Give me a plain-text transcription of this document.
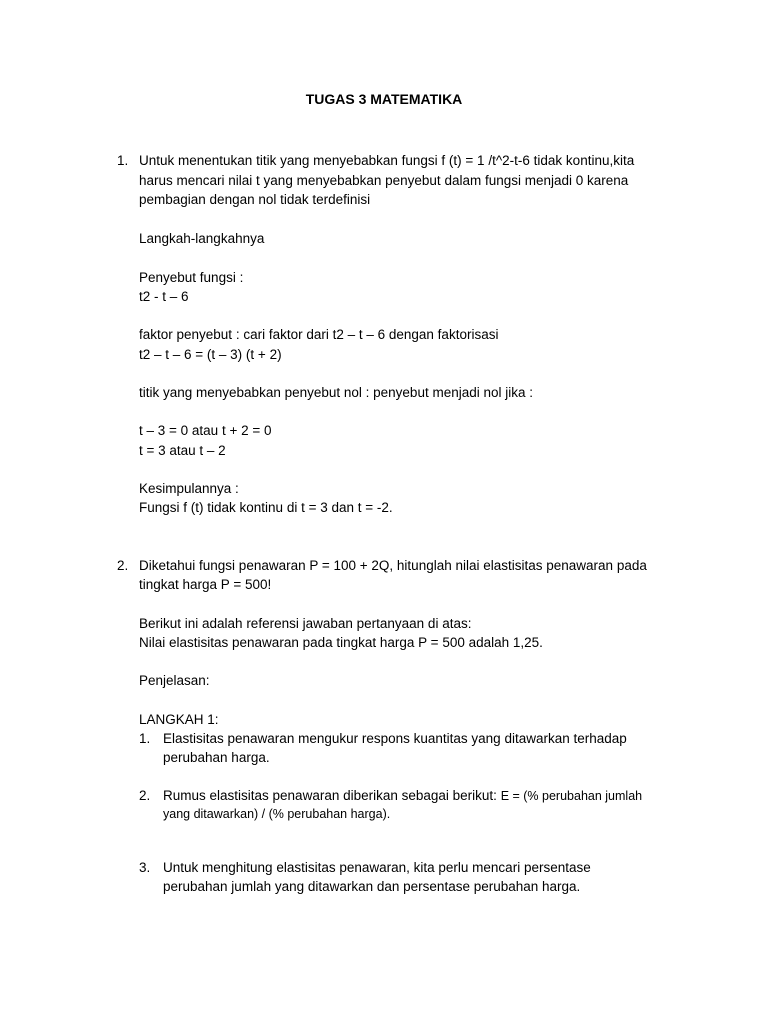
TUGAS 3 MATEMATIKA
1. Untuk menentukan titik yang menyebabkan fungsi f (t) = 1 /t^2-t-6 tidak kontinu,kita
harus mencari nilai t yang menyebabkan penyebut dalam fungsi menjadi 0 karena
pembagian dengan nol tidak terdefinisi
Langkah-langkahnya
Penyebut fungsi :
t2 - t – 6
faktor penyebut : cari faktor dari t2 – t – 6 dengan faktorisasi
t2 – t – 6 = (t – 3) (t + 2)
titik yang menyebabkan penyebut nol : penyebut menjadi nol jika :
t – 3 = 0 atau t + 2 = 0
t = 3 atau t – 2
Kesimpulannya :
Fungsi f (t) tidak kontinu di t = 3 dan t = -2.
2. Diketahui fungsi penawaran P = 100 + 2Q, hitunglah nilai elastisitas penawaran pada
tingkat harga P = 500!
Berikut ini adalah referensi jawaban pertanyaan di atas:
Nilai elastisitas penawaran pada tingkat harga P = 500 adalah 1,25.
Penjelasan:
LANGKAH 1:
1. Elastisitas penawaran mengukur respons kuantitas yang ditawarkan terhadap
perubahan harga.
2. Rumus elastisitas penawaran diberikan sebagai berikut: E = (% perubahan jumlah
yang ditawarkan) / (% perubahan harga).
3. Untuk menghitung elastisitas penawaran, kita perlu mencari persentase
perubahan jumlah yang ditawarkan dan persentase perubahan harga.
